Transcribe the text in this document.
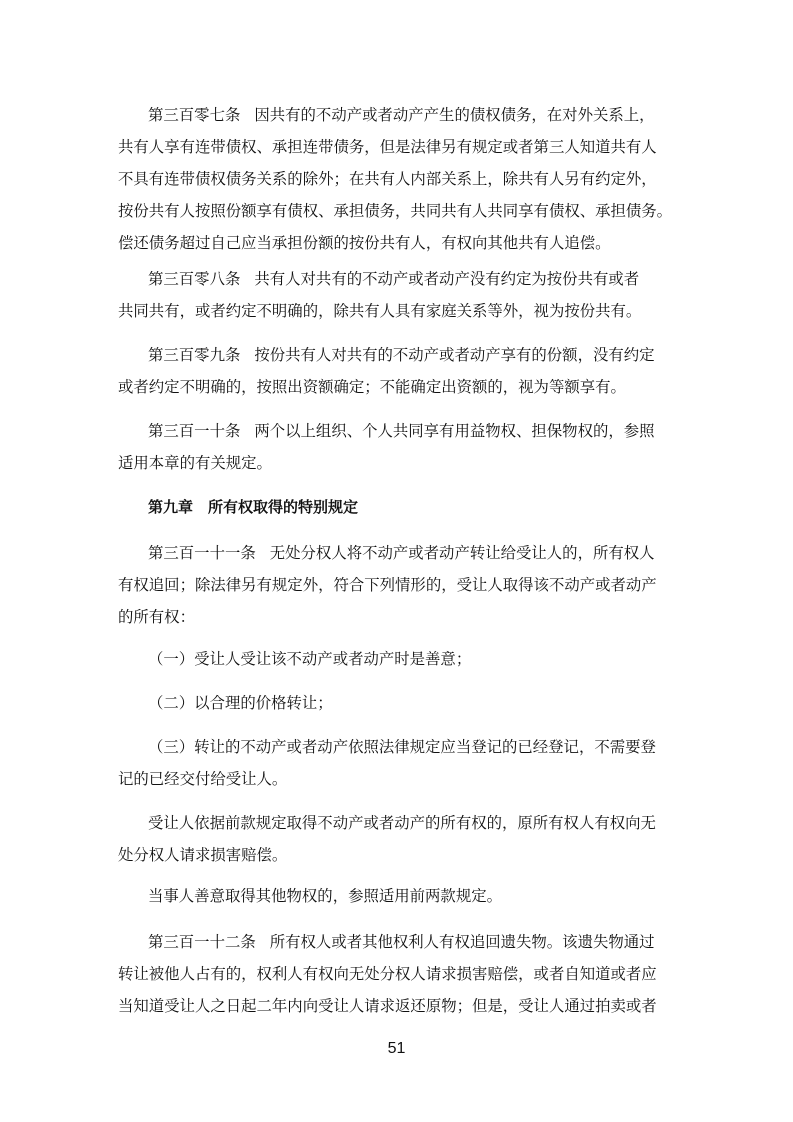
第三百零七条 因共有的不动产或者动产产生的债权债务，在对外关系上，
共有人享有连带债权、承担连带债务，但是法律另有规定或者第三人知道共有人
不具有连带债权债务关系的除外；在共有人内部关系上，除共有人另有约定外，
按份共有人按照份额享有债权、承担债务，共同共有人共同享有债权、承担债务。
偿还债务超过自己应当承担份额的按份共有人，有权向其他共有人追偿。
第三百零八条 共有人对共有的不动产或者动产没有约定为按份共有或者
共同共有，或者约定不明确的，除共有人具有家庭关系等外，视为按份共有。
第三百零九条 按份共有人对共有的不动产或者动产享有的份额，没有约定
或者约定不明确的，按照出资额确定；不能确定出资额的，视为等额享有。
第三百一十条 两个以上组织、个人共同享有用益物权、担保物权的，参照
适用本章的有关规定。
第九章　所有权取得的特别规定
第三百一十一条 无处分权人将不动产或者动产转让给受让人的，所有权人
有权追回；除法律另有规定外，符合下列情形的，受让人取得该不动产或者动产
的所有权：
（一）受让人受让该不动产或者动产时是善意；
（二）以合理的价格转让；
（三）转让的不动产或者动产依照法律规定应当登记的已经登记，不需要登
记的已经交付给受让人。
受让人依据前款规定取得不动产或者动产的所有权的，原所有权人有权向无
处分权人请求损害赔偿。
当事人善意取得其他物权的，参照适用前两款规定。
第三百一十二条 所有权人或者其他权利人有权追回遗失物。该遗失物通过
转让被他人占有的，权利人有权向无处分权人请求损害赔偿，或者自知道或者应
当知道受让人之日起二年内向受让人请求返还原物；但是，受让人通过拍卖或者
51
